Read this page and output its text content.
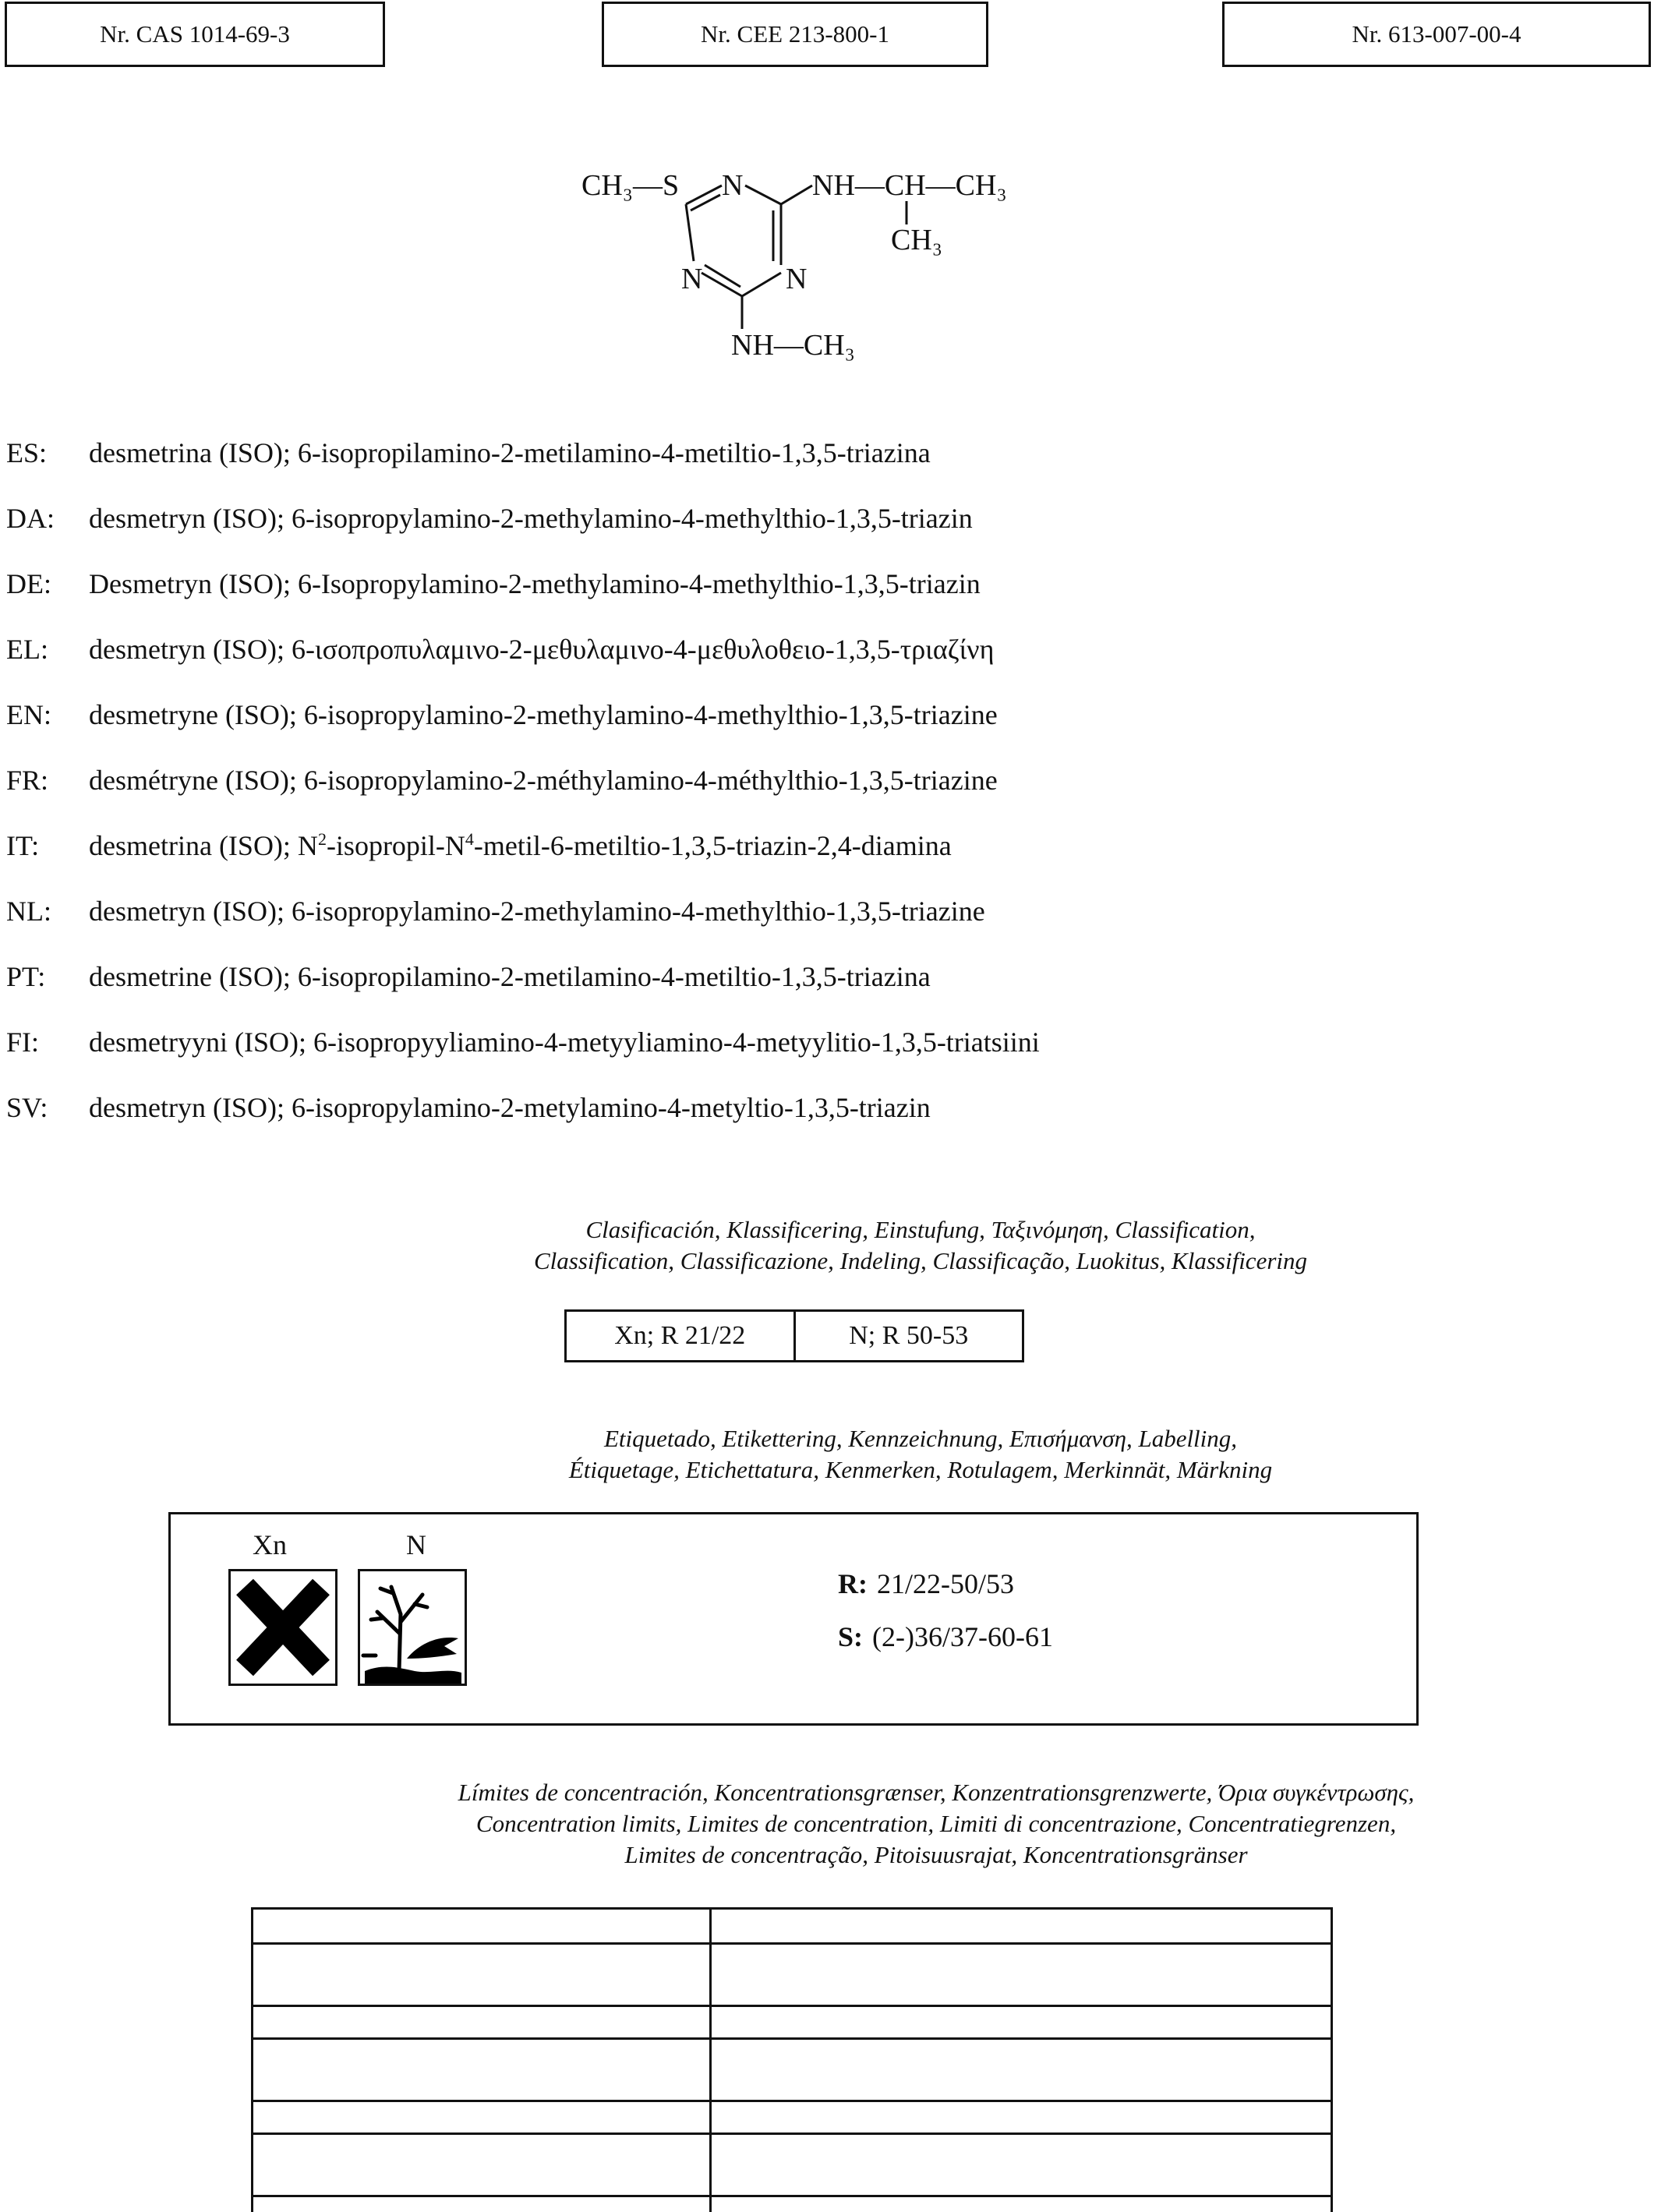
Nr. CAS 1014-69-3	Nr. CEE 213-800-1	Nr. 613-007-00-4
CH₃—S N NH—CH—CH₃
CH₃
N	N
NH—CH₃
ES:	desmetrina (ISO); 6-isopropilamino-2-metilamino-4-metiltio-1,3,5-triazina
DA:	desmetryn (ISO); 6-isopropylamino-2-methylamino-4-methylthio-1,3,5-triazin
DE:	Desmetryn (ISO); 6-Isopropylamino-2-methylamino-4-methylthio-1,3,5-triazin
EL:	desmetryn (ISO); 6-ισοπροπυλαμινο-2-μεθυλαμινο-4-μεθυλοθειο-1,3,5-τριαζίνη
EN:	desmetryne (ISO); 6-isopropylamino-2-methylamino-4-methylthio-1,3,5-triazine
FR:	desmétryne (ISO); 6-isopropylamino-2-méthylamino-4-méthylthio-1,3,5-triazine
IT:	desmetrina (ISO); $N^2-isopropil-N^4-metil-6-metiltio-1,3,5-triazin-2,4$-diamina
NL:	desmetryn (ISO); 6-isopropylamino-2-methylamino-4-methylthio-1,3,5-triazine
PT:	desmetrine (ISO); 6-isopropilamino-2-metilamino-4-metiltio-1,3,5-triazina
FI:	desmetryyni (ISO); 6-isopropyyliamino-4-metyyliamino-4-metyylitio-1,3,5-triatsiini
SV:	desmetryn (ISO); 6-isopropylamino-2-metylamino-4-metyltio-1,3,5-triazin
Clasificación, Klassificering, Einstufung, Ταξινόμηση, Classification,
Classification, Classificazione, Indeling, Classificação, Luokitus, Klassificering
Xn; R 21/22	N; R 50-53
Etiquetado, Etikettering, Kennzeichnung, Επισήμανση, Labelling,
Étiquetage, Etichettatura, Kenmerken, Rotulagem, Merkinnät, Märkning
Xn	N
R: 21/22-50/53
S: (2-)36/37-60-61
Límites de concentración, Koncentrationsgrænser, Konzentrationsgrenzwerte, Όρια συγκέντρωσης,
Concentration limits, Limites de concentration, Limiti di concentrazione, Concentratiegrenzen,
Limites de concentração, Pitoisuusrajat, Koncentrationsgränser
